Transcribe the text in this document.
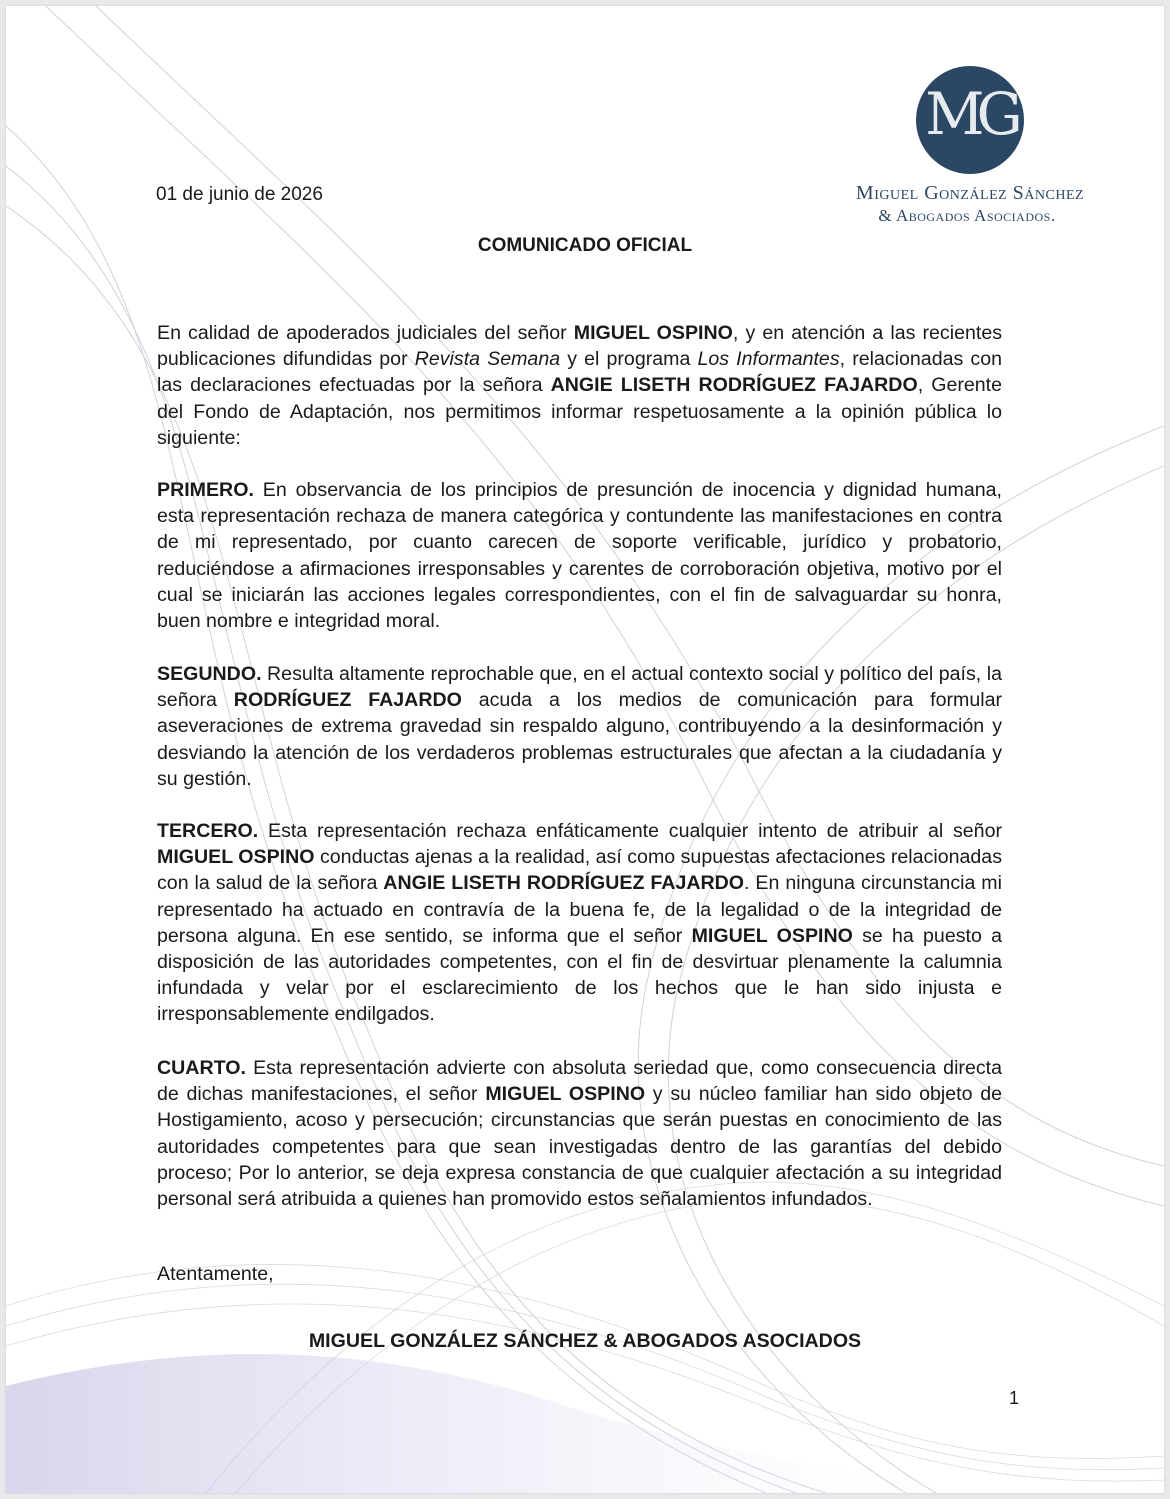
MG
Miguel González Sánchez
& Abogados Asociados.
01 de junio de 2026
COMUNICADO OFICIAL
En calidad de apoderados judiciales del señor MIGUEL OSPINO, y en atención a las recientes publicaciones difundidas por Revista Semana y el programa Los Informantes, relacionadas con las declaraciones efectuadas por la señora ANGIE LISETH RODRÍGUEZ FAJARDO, Gerente del Fondo de Adaptación, nos permitimos informar respetuosamente a la opinión pública lo siguiente:
PRIMERO. En observancia de los principios de presunción de inocencia y dignidad humana, esta representación rechaza de manera categórica y contundente las manifestaciones en contra de mi representado, por cuanto carecen de soporte verificable, jurídico y probatorio, reduciéndose a afirmaciones irresponsables y carentes de corroboración objetiva, motivo por el cual se iniciarán las acciones legales correspondientes, con el fin de salvaguardar su honra, buen nombre e integridad moral.
SEGUNDO. Resulta altamente reprochable que, en el actual contexto social y político del país, la señora RODRÍGUEZ FAJARDO acuda a los medios de comunicación para formular aseveraciones de extrema gravedad sin respaldo alguno, contribuyendo a la desinformación y desviando la atención de los verdaderos problemas estructurales que afectan a la ciudadanía y su gestión.
TERCERO. Esta representación rechaza enfáticamente cualquier intento de atribuir al señor MIGUEL OSPINO conductas ajenas a la realidad, así como supuestas afectaciones relacionadas con la salud de la señora ANGIE LISETH RODRÍGUEZ FAJARDO. En ninguna circunstancia mi representado ha actuado en contravía de la buena fe, de la legalidad o de la integridad de persona alguna. En ese sentido, se informa que el señor MIGUEL OSPINO se ha puesto a disposición de las autoridades competentes, con el fin de desvirtuar plenamente la calumnia infundada y velar por el esclarecimiento de los hechos que le han sido injusta e irresponsablemente endilgados.
CUARTO. Esta representación advierte con absoluta seriedad que, como consecuencia directa de dichas manifestaciones, el señor MIGUEL OSPINO y su núcleo familiar han sido objeto de Hostigamiento, acoso y persecución; circunstancias que serán puestas en conocimiento de las autoridades competentes para que sean investigadas dentro de las garantías del debido proceso; Por lo anterior, se deja expresa constancia de que cualquier afectación a su integridad personal será atribuida a quienes han promovido estos señalamientos infundados.
Atentamente,
MIGUEL GONZÁLEZ SÁNCHEZ & ABOGADOS ASOCIADOS
1
